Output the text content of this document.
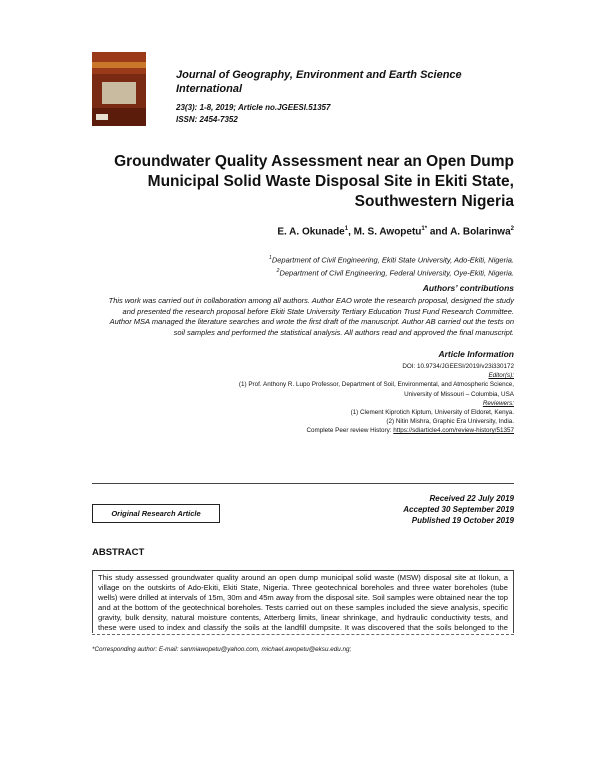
Journal of Geography, Environment and Earth Science International
23(3): 1-8, 2019; Article no.JGEESI.51357
ISSN: 2454-7352
Groundwater Quality Assessment near an Open Dump Municipal Solid Waste Disposal Site in Ekiti State, Southwestern Nigeria
E. A. Okunade$^1$, M. S. Awopetu$^{1*}$ and A. Bolarinwa$^2$
$^1$Department of Civil Engineering, Ekiti State University, Ado-Ekiti, Nigeria.
$^2$Department of Civil Engineering, Federal University, Oye-Ekiti, Nigeria.
Authors’ contributions
This work was carried out in collaboration among all authors. Author EAO wrote the research proposal, designed the study and presented the research proposal before Ekiti State University Tertiary Education Trust Fund Research Committee. Author MSA managed the literature searches and wrote the first draft of the manuscript. Author AB carried out the tests on soil samples and performed the statistical analysis. All authors read and approved the final manuscript.
Article Information
DOI: 10.9734/JGEESI/2019/v23i330172
Editor(s):
(1) Prof. Anthony R. Lupo Professor, Department of Soil, Environmental, and Atmospheric Science,
University of Missouri – Columbia, USA
Reviewers:
(1) Clement Kiprotich Kiptum, University of Eldoret, Kenya.
(2) Nitin Mishra, Graphic Era University, India.
Complete Peer review History: https://sdiarticle4.com/review-history/51357
Original Research Article
Received 22 July 2019
Accepted 30 September 2019
Published 19 October 2019
ABSTRACT
This study assessed groundwater quality around an open dump municipal solid waste (MSW) disposal site at Ilokun, a village on the outskirts of Ado-Ekiti, Ekiti State, Nigeria. Three geotechnical boreholes and three water boreholes (tube wells) were drilled at intervals of 15m, 30m and 45m away from the disposal site. Soil samples were obtained near the top and at the bottom of the geotechnical boreholes. Tests carried out on these samples included the sieve analysis, specific gravity, bulk density, natural moisture contents, Atterberg limits, linear shrinkage, and hydraulic conductivity tests, and these were used to index and classify the soils at the landfill dumpsite. It was discovered that the soils belonged to the
*Corresponding author: E-mail: sanmiawopetu@yahoo.com, michael.awopetu@eksu.edu.ng;
